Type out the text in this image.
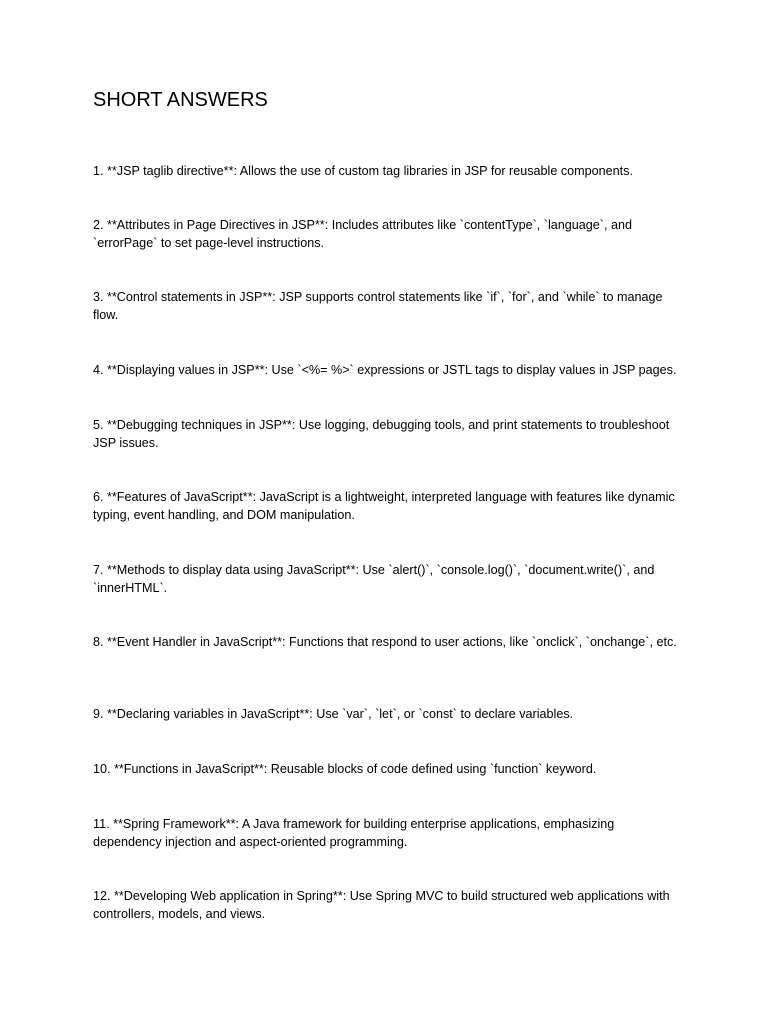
SHORT ANSWERS

1. **JSP taglib directive**: Allows the use of custom tag libraries in JSP for reusable components.

2. **Attributes in Page Directives in JSP**: Includes attributes like `contentType`, `language`, and `errorPage` to set page-level instructions.

3. **Control statements in JSP**: JSP supports control statements like `if`, `for`, and `while` to manage flow.

4. **Displaying values in JSP**: Use `<%= %>` expressions or JSTL tags to display values in JSP pages.

5. **Debugging techniques in JSP**: Use logging, debugging tools, and print statements to troubleshoot JSP issues.

6. **Features of JavaScript**: JavaScript is a lightweight, interpreted language with features like dynamic typing, event handling, and DOM manipulation.

7. **Methods to display data using JavaScript**: Use `alert()`, `console.log()`, `document.write()`, and `innerHTML`.

8. **Event Handler in JavaScript**: Functions that respond to user actions, like `onclick`, `onchange`, etc.

9. **Declaring variables in JavaScript**: Use `var`, `let`, or `const` to declare variables.

10. **Functions in JavaScript**: Reusable blocks of code defined using `function` keyword.

11. **Spring Framework**: A Java framework for building enterprise applications, emphasizing dependency injection and aspect-oriented programming.

12. **Developing Web application in Spring**: Use Spring MVC to build structured web applications with controllers, models, and views.
